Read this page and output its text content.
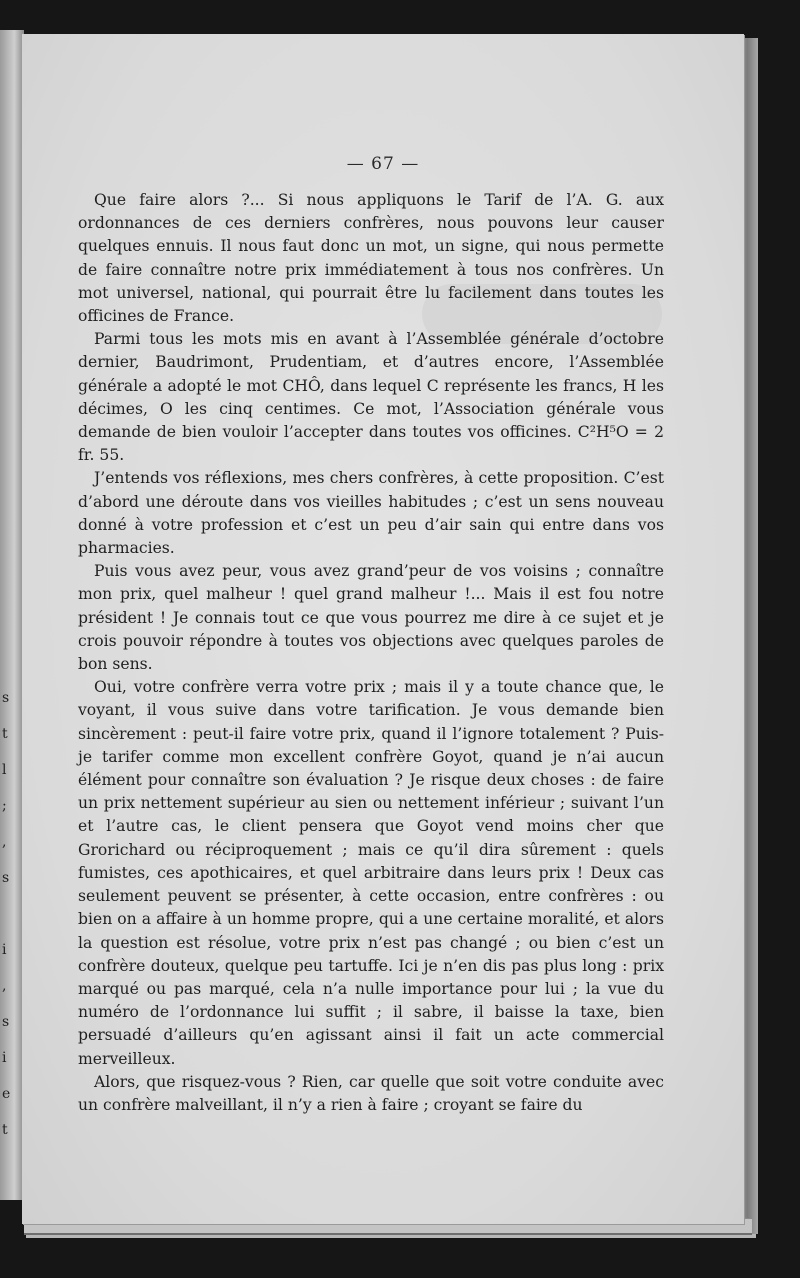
s
t
l
;
,
s

i
,
s
i
e
t
— 67 —

Que faire alors ?... Si nous appliquons le Tarif de l’A. G. aux ordonnances de ces derniers confrères, nous pouvons leur causer quelques ennuis. Il nous faut donc un mot, un signe, qui nous permette de faire connaître notre prix immédiatement à tous nos confrères. Un mot universel, national, qui pourrait être lu facilement dans toutes les officines de France.

Parmi tous les mots mis en avant à l’Assemblée générale d’octobre dernier, Baudrimont, Prudentiam, et d’autres encore, l’Assemblée générale a adopté le mot CHÔ, dans lequel C représente les francs, H les décimes, O les cinq centimes. Ce mot, l’Association générale vous demande de bien vouloir l’accepter dans toutes vos officines. C²H⁵O = 2 fr. 55.

J’entends vos réflexions, mes chers confrères, à cette proposition. C’est d’abord une déroute dans vos vieilles habitudes ; c’est un sens nouveau donné à votre profession et c’est un peu d’air sain qui entre dans vos pharmacies.

Puis vous avez peur, vous avez grand’peur de vos voisins ; connaître mon prix, quel malheur ! quel grand malheur !... Mais il est fou notre président ! Je connais tout ce que vous pourrez me dire à ce sujet et je crois pouvoir répondre à toutes vos objections avec quelques paroles de bon sens.

Oui, votre confrère verra votre prix ; mais il y a toute chance que, le voyant, il vous suive dans votre tarification. Je vous demande bien sincèrement : peut-il faire votre prix, quand il l’ignore totalement ? Puis-je tarifer comme mon excellent confrère Goyot, quand je n’ai aucun élément pour connaître son évaluation ? Je risque deux choses : de faire un prix nettement supérieur au sien ou nettement inférieur ; suivant l’un et l’autre cas, le client pensera que Goyot vend moins cher que Grorichard ou réciproquement ; mais ce qu’il dira sûrement : quels fumistes, ces apothicaires, et quel arbitraire dans leurs prix ! Deux cas seulement peuvent se présenter, à cette occasion, entre confrères : ou bien on a affaire à un homme propre, qui a une certaine moralité, et alors la question est résolue, votre prix n’est pas changé ; ou bien c’est un confrère douteux, quelque peu tartuffe. Ici je n’en dis pas plus long : prix marqué ou pas marqué, cela n’a nulle importance pour lui ; la vue du numéro de l’ordonnance lui suffit ; il sabre, il baisse la taxe, bien persuadé d’ailleurs qu’en agissant ainsi il fait un acte commercial merveilleux.

Alors, que risquez-vous ? Rien, car quelle que soit votre conduite avec un confrère malveillant, il n’y a rien à faire ; croyant se faire du
